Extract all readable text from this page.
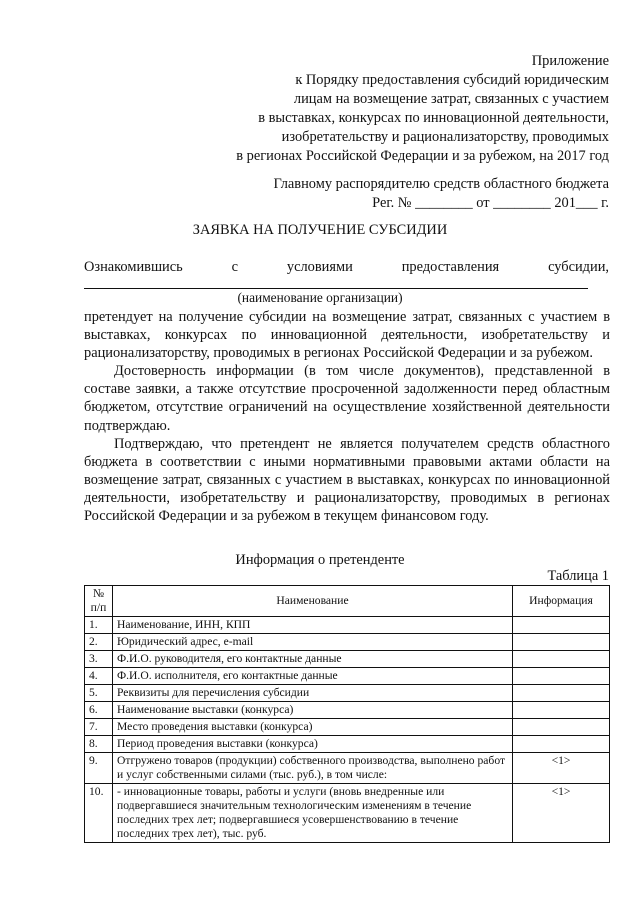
Приложение
к Порядку предоставления субсидий юридическим
лицам на возмещение затрат, связанных с участием
в выставках, конкурсах по инновационной деятельности,
изобретательству и рационализаторству, проводимых
в регионах Российской Федерации и за рубежом, на 2017 год
Главному распорядителю средств областного бюджета
Рег. № ________ от ________ 201___ г.
ЗАЯВКА НА ПОЛУЧЕНИЕ СУБСИДИИ
Ознакомившись	с	условиями	предоставления	субсидии,
(наименование организации)

претендует на получение субсидии на возмещение затрат, связанных с участием в выставках, конкурсах по инновационной деятельности, изобретательству и рационализаторству, проводимых в регионах Российской Федерации и за рубежом.

Достоверность информации (в том числе документов), представленной в составе заявки, а также отсутствие просроченной задолженности перед областным бюджетом, отсутствие ограничений на осуществление хозяйственной деятельности подтверждаю.

Подтверждаю, что претендент не является получателем средств областного бюджета в соответствии с иными нормативными правовыми актами области на возмещение затрат, связанных с участием в выставках, конкурсах по инновационной деятельности, изобретательству и рационализаторству, проводимых в регионах Российской Федерации и за рубежом в текущем финансовом году.

Информация о претенденте
Таблица 1
№ п/п	Наименование	Информация
1.	Наименование, ИНН, КПП	
2.	Юридический адрес, e-mail	
3.	Ф.И.О. руководителя, его контактные данные	
4.	Ф.И.О. исполнителя, его контактные данные	
5.	Реквизиты для перечисления субсидии	
6.	Наименование выставки (конкурса)	
7.	Место проведения выставки (конкурса)	
8.	Период проведения выставки (конкурса)	
9.	Отгружено товаров (продукции) собственного производства, выполнено работ и услуг собственными силами (тыс. руб.), в том числе:	<1>
10.	- инновационные товары, работы и услуги (вновь внедренные или подвергавшиеся значительным технологическим изменениям в течение последних трех лет; подвергавшиеся усовершенствованию в течение последних трех лет), тыс. руб.	<1>
